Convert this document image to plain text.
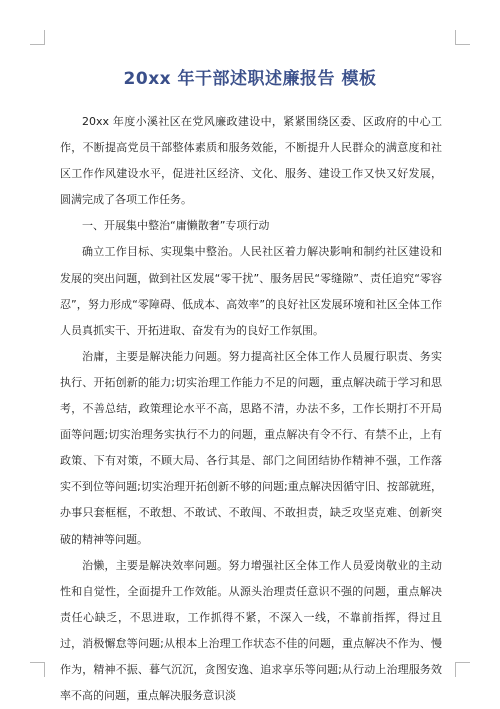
20xx 年干部述职述廉报告 模板

20xx 年度小溪社区在党风廉政建设中，紧紧围绕区委、区政府的中心工作，不断提高党员干部整体素质和服务效能，不断提升人民群众的满意度和社区工作作风建设水平，促进社区经济、文化、服务、建设工作又快又好发展，圆满完成了各项工作任务。

一、开展集中整治“庸懒散奢”专项行动

确立工作目标、实现集中整治。人民社区着力解决影响和制约社区建设和发展的突出问题，做到社区发展“零干扰”、服务居民“零缝隙”、责任追究“零容忍”，努力形成“零障碍、低成本、高效率”的良好社区发展环境和社区全体工作人员真抓实干、开拓进取、奋发有为的良好工作氛围。

治庸，主要是解决能力问题。努力提高社区全体工作人员履行职责、务实执行、开拓创新的能力;切实治理工作能力不足的问题，重点解决疏于学习和思考，不善总结，政策理论水平不高，思路不清，办法不多，工作长期打不开局面等问题;切实治理务实执行不力的问题，重点解决有令不行、有禁不止，上有政策、下有对策，不顾大局、各行其是、部门之间团结协作精神不强，工作落实不到位等问题;切实治理开拓创新不够的问题;重点解决因循守旧、按部就班，办事只套框框，不敢想、不敢试、不敢闯、不敢担责，缺乏攻坚克难、创新突破的精神等问题。

治懒，主要是解决效率问题。努力增强社区全体工作人员爱岗敬业的主动性和自觉性，全面提升工作效能。从源头治理责任意识不强的问题，重点解决责任心缺乏，不思进取，工作抓得不紧，不深入一线，不靠前指挥，得过且过，消极懈怠等问题;从根本上治理工作状态不佳的问题，重点解决不作为、慢作为，精神不振、暮气沉沉，贪图安逸、追求享乐等问题;从行动上治理服务效率不高的问题，重点解决服务意识淡
